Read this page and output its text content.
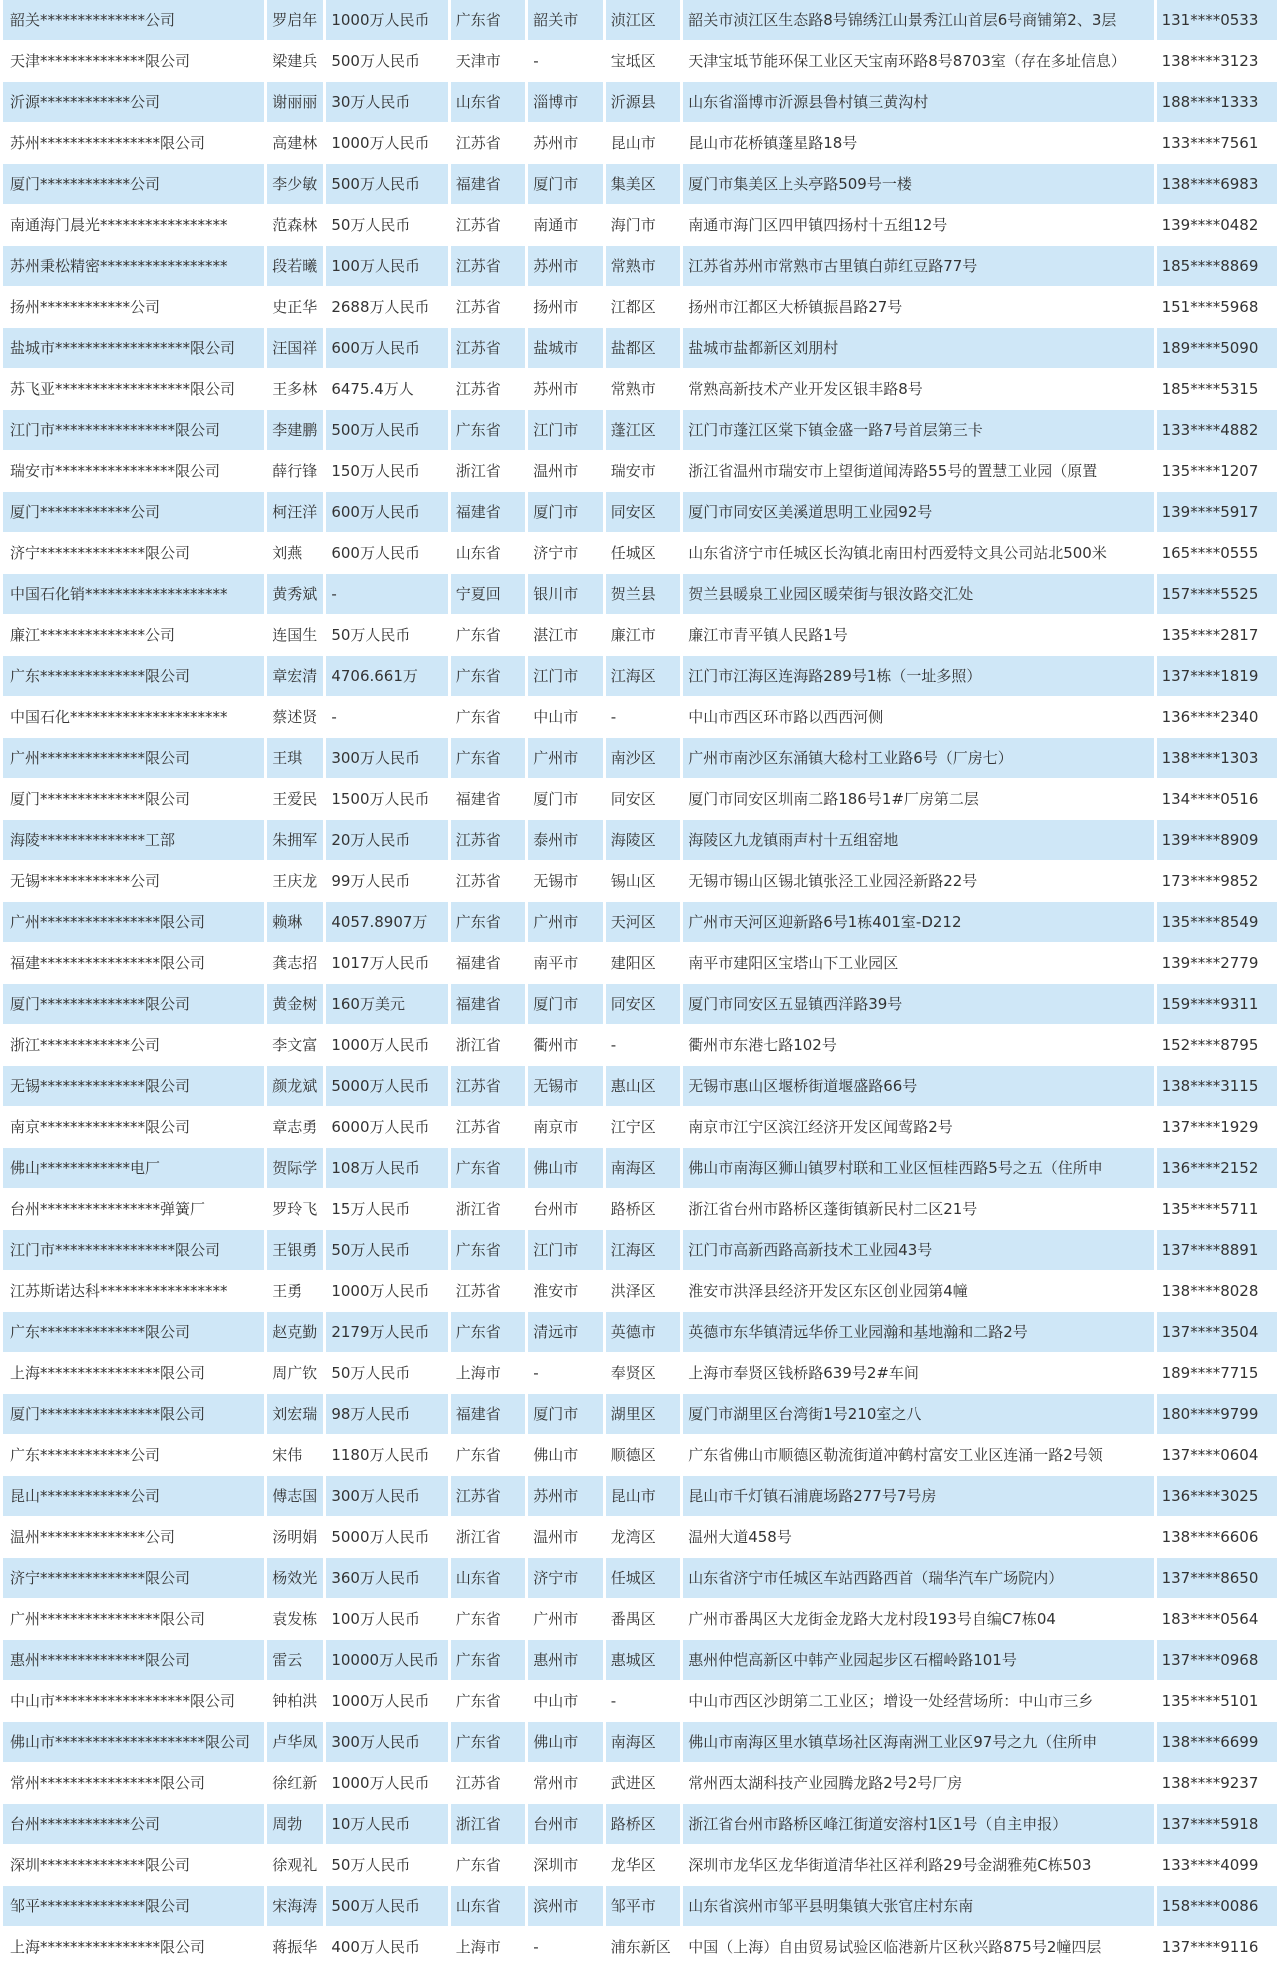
韶关**************公司	罗启年	1000万人民币	广东省	韶关市	浈江区	韶关市浈江区生态路8号锦绣江山景秀江山首层6号商铺第2、3层	131****0533
天津**************限公司	梁建兵	500万人民币	天津市	-	宝坻区	天津宝坻节能环保工业区天宝南环路8号8703室（存在多址信息）	138****3123
沂源************公司	谢丽丽	30万人民币	山东省	淄博市	沂源县	山东省淄博市沂源县鲁村镇三黄沟村	188****1333
苏州****************限公司	高建林	1000万人民币	江苏省	苏州市	昆山市	昆山市花桥镇蓬星路18号	133****7561
厦门************公司	李少敏	500万人民币	福建省	厦门市	集美区	厦门市集美区上头亭路509号一楼	138****6983
南通海门晨光*****************	范森林	50万人民币	江苏省	南通市	海门市	南通市海门区四甲镇四扬村十五组12号	139****0482
苏州秉松精密*****************	段若曦	100万人民币	江苏省	苏州市	常熟市	江苏省苏州市常熟市古里镇白茆红豆路77号	185****8869
扬州************公司	史正华	2688万人民币	江苏省	扬州市	江都区	扬州市江都区大桥镇振昌路27号	151****5968
盐城市******************限公司	汪国祥	600万人民币	江苏省	盐城市	盐都区	盐城市盐都新区刘朋村	189****5090
苏飞亚******************限公司	王多林	6475.4万人	江苏省	苏州市	常熟市	常熟高新技术产业开发区银丰路8号	185****5315
江门市****************限公司	李建鹏	500万人民币	广东省	江门市	蓬江区	江门市蓬江区棠下镇金盛一路7号首层第三卡	133****4882
瑞安市****************限公司	薛行锋	150万人民币	浙江省	温州市	瑞安市	浙江省温州市瑞安市上望街道闻涛路55号的置慧工业园（原置	135****1207
厦门************公司	柯汪洋	600万人民币	福建省	厦门市	同安区	厦门市同安区美溪道思明工业园92号	139****5917
济宁**************限公司	刘燕	600万人民币	山东省	济宁市	任城区	山东省济宁市任城区长沟镇北南田村西爱特文具公司站北500米	165****0555
中国石化销*******************	黄秀斌	-	宁夏回	银川市	贺兰县	贺兰县暖泉工业园区暖荣街与银汝路交汇处	157****5525
廉江**************公司	连国生	50万人民币	广东省	湛江市	廉江市	廉江市青平镇人民路1号	135****2817
广东**************限公司	章宏清	4706.661万	广东省	江门市	江海区	江门市江海区连海路289号1栋（一址多照）	137****1819
中国石化*********************	蔡述贤	-	广东省	中山市	-	中山市西区环市路以西西河侧	136****2340
广州**************限公司	王琪	300万人民币	广东省	广州市	南沙区	广州市南沙区东涌镇大稔村工业路6号（厂房七）	138****1303
厦门**************限公司	王爱民	1500万人民币	福建省	厦门市	同安区	厦门市同安区圳南二路186号1#厂房第二层	134****0516
海陵**************工部	朱拥军	20万人民币	江苏省	泰州市	海陵区	海陵区九龙镇雨声村十五组窑地	139****8909
无锡************公司	王庆龙	99万人民币	江苏省	无锡市	锡山区	无锡市锡山区锡北镇张泾工业园泾新路22号	173****9852
广州****************限公司	赖琳	4057.8907万	广东省	广州市	天河区	广州市天河区迎新路6号1栋401室-D212	135****8549
福建****************限公司	龚志招	1017万人民币	福建省	南平市	建阳区	南平市建阳区宝塔山下工业园区	139****2779
厦门**************限公司	黄金树	160万美元	福建省	厦门市	同安区	厦门市同安区五显镇西洋路39号	159****9311
浙江************公司	李文富	1000万人民币	浙江省	衢州市	-	衢州市东港七路102号	152****8795
无锡**************限公司	颜龙斌	5000万人民币	江苏省	无锡市	惠山区	无锡市惠山区堰桥街道堰盛路66号	138****3115
南京**************限公司	章志勇	6000万人民币	江苏省	南京市	江宁区	南京市江宁区滨江经济开发区闻莺路2号	137****1929
佛山************电厂	贺际学	108万人民币	广东省	佛山市	南海区	佛山市南海区狮山镇罗村联和工业区恒桂西路5号之五（住所申	136****2152
台州****************弹簧厂	罗玲飞	15万人民币	浙江省	台州市	路桥区	浙江省台州市路桥区蓬街镇新民村二区21号	135****5711
江门市****************限公司	王银勇	50万人民币	广东省	江门市	江海区	江门市高新西路高新技术工业园43号	137****8891
江苏斯诺达科*****************	王勇	1000万人民币	江苏省	淮安市	洪泽区	淮安市洪泽县经济开发区东区创业园第4幢	138****8028
广东**************限公司	赵克勤	2179万人民币	广东省	清远市	英德市	英德市东华镇清远华侨工业园瀚和基地瀚和二路2号	137****3504
上海****************限公司	周广钦	50万人民币	上海市	-	奉贤区	上海市奉贤区钱桥路639号2#车间	189****7715
厦门****************限公司	刘宏瑞	98万人民币	福建省	厦门市	湖里区	厦门市湖里区台湾街1号210室之八	180****9799
广东************公司	宋伟	1180万人民币	广东省	佛山市	顺德区	广东省佛山市顺德区勒流街道冲鹤村富安工业区连涌一路2号领	137****0604
昆山************公司	傅志国	300万人民币	江苏省	苏州市	昆山市	昆山市千灯镇石浦鹿场路277号7号房	136****3025
温州**************公司	汤明娟	5000万人民币	浙江省	温州市	龙湾区	温州大道458号	138****6606
济宁**************限公司	杨效光	360万人民币	山东省	济宁市	任城区	山东省济宁市任城区车站西路西首（瑞华汽车广场院内）	137****8650
广州****************限公司	袁发栋	100万人民币	广东省	广州市	番禺区	广州市番禺区大龙街金龙路大龙村段193号自编C7栋04	183****0564
惠州**************限公司	雷云	10000万人民币	广东省	惠州市	惠城区	惠州仲恺高新区中韩产业园起步区石榴岭路101号	137****0968
中山市******************限公司	钟柏洪	1000万人民币	广东省	中山市	-	中山市西区沙朗第二工业区；增设一处经营场所：中山市三乡	135****5101
佛山市********************限公司	卢华凤	300万人民币	广东省	佛山市	南海区	佛山市南海区里水镇草场社区海南洲工业区97号之九（住所申	138****6699
常州****************限公司	徐红新	1000万人民币	江苏省	常州市	武进区	常州西太湖科技产业园腾龙路2号2号厂房	138****9237
台州************公司	周勃	10万人民币	浙江省	台州市	路桥区	浙江省台州市路桥区峰江街道安溶村1区1号（自主申报）	137****5918
深圳**************限公司	徐观礼	50万人民币	广东省	深圳市	龙华区	深圳市龙华区龙华街道清华社区祥利路29号金湖雅苑C栋503	133****4099
邹平**************限公司	宋海涛	500万人民币	山东省	滨州市	邹平市	山东省滨州市邹平县明集镇大张官庄村东南	158****0086
上海****************限公司	蒋振华	400万人民币	上海市	-	浦东新区	中国（上海）自由贸易试验区临港新片区秋兴路875号2幢四层	137****9116
